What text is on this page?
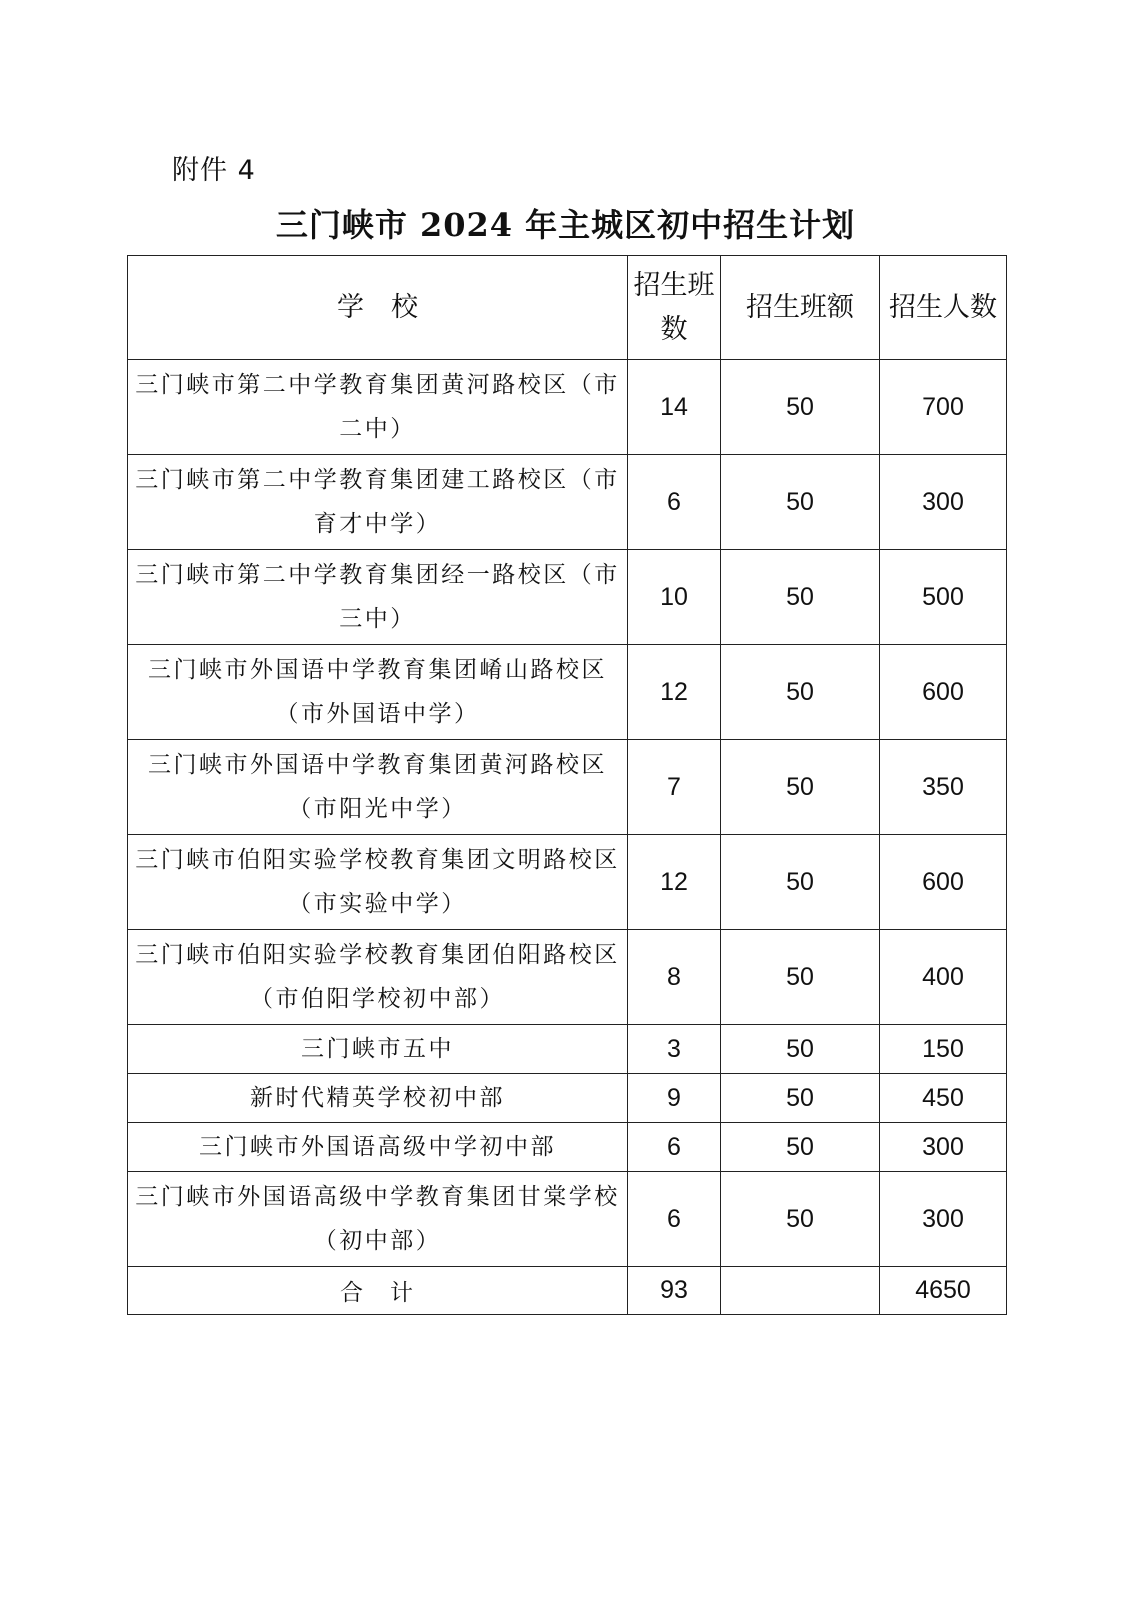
附件 4
三门峡市 2024 年主城区初中招生计划
学　校	招生班数	招生班额	招生人数
三门峡市第二中学教育集团黄河路校区（市二中）	14	50	700
三门峡市第二中学教育集团建工路校区（市育才中学）	6	50	300
三门峡市第二中学教育集团经一路校区（市三中）	10	50	500
三门峡市外国语中学教育集团崤山路校区（市外国语中学）	12	50	600
三门峡市外国语中学教育集团黄河路校区（市阳光中学）	7	50	350
三门峡市伯阳实验学校教育集团文明路校区（市实验中学）	12	50	600
三门峡市伯阳实验学校教育集团伯阳路校区（市伯阳学校初中部）	8	50	400
三门峡市五中	3	50	150
新时代精英学校初中部	9	50	450
三门峡市外国语高级中学初中部	6	50	300
三门峡市外国语高级中学教育集团甘棠学校（初中部）	6	50	300
合　计	93		4650
